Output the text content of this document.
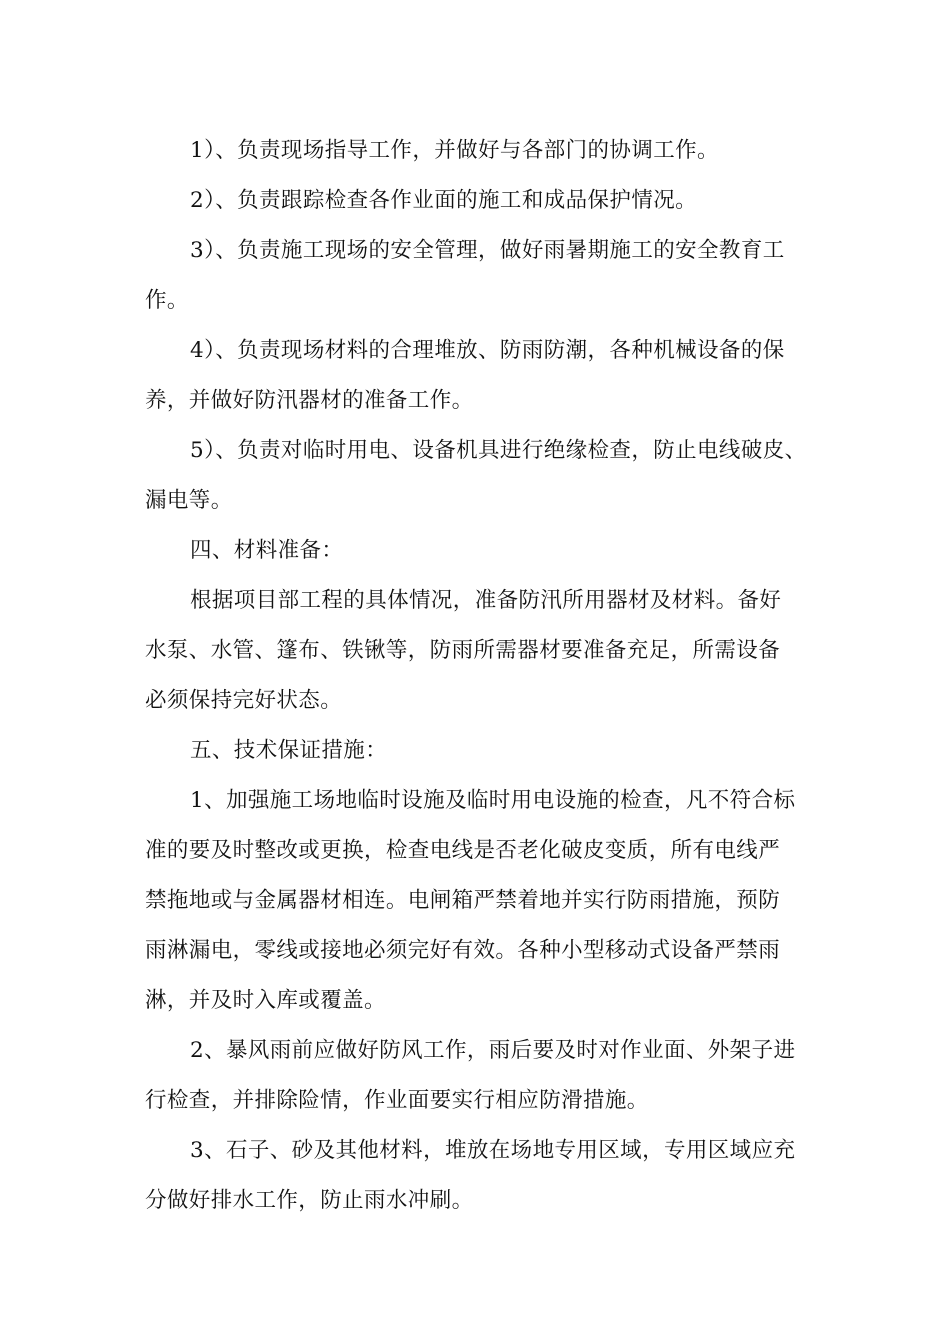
1）、负责现场指导工作，并做好与各部门的协调工作。
2）、负责跟踪检查各作业面的施工和成品保护情况。
3）、负责施工现场的安全管理，做好雨暑期施工的安全教育工
作。
4）、负责现场材料的合理堆放、防雨防潮，各种机械设备的保
养，并做好防汛器材的准备工作。
5）、负责对临时用电、设备机具进行绝缘检查，防止电线破皮、
漏电等。
四、材料准备：
根据项目部工程的具体情况，准备防汛所用器材及材料。备好
水泵、水管、篷布、铁锹等，防雨所需器材要准备充足，所需设备
必须保持完好状态。
五、技术保证措施：
1、加强施工场地临时设施及临时用电设施的检查，凡不符合标
准的要及时整改或更换，检查电线是否老化破皮变质，所有电线严
禁拖地或与金属器材相连。电闸箱严禁着地并实行防雨措施，预防
雨淋漏电，零线或接地必须完好有效。各种小型移动式设备严禁雨
淋，并及时入库或覆盖。
2、暴风雨前应做好防风工作，雨后要及时对作业面、外架子进
行检查，并排除险情，作业面要实行相应防滑措施。
3、石子、砂及其他材料，堆放在场地专用区域，专用区域应充
分做好排水工作，防止雨水冲刷。
